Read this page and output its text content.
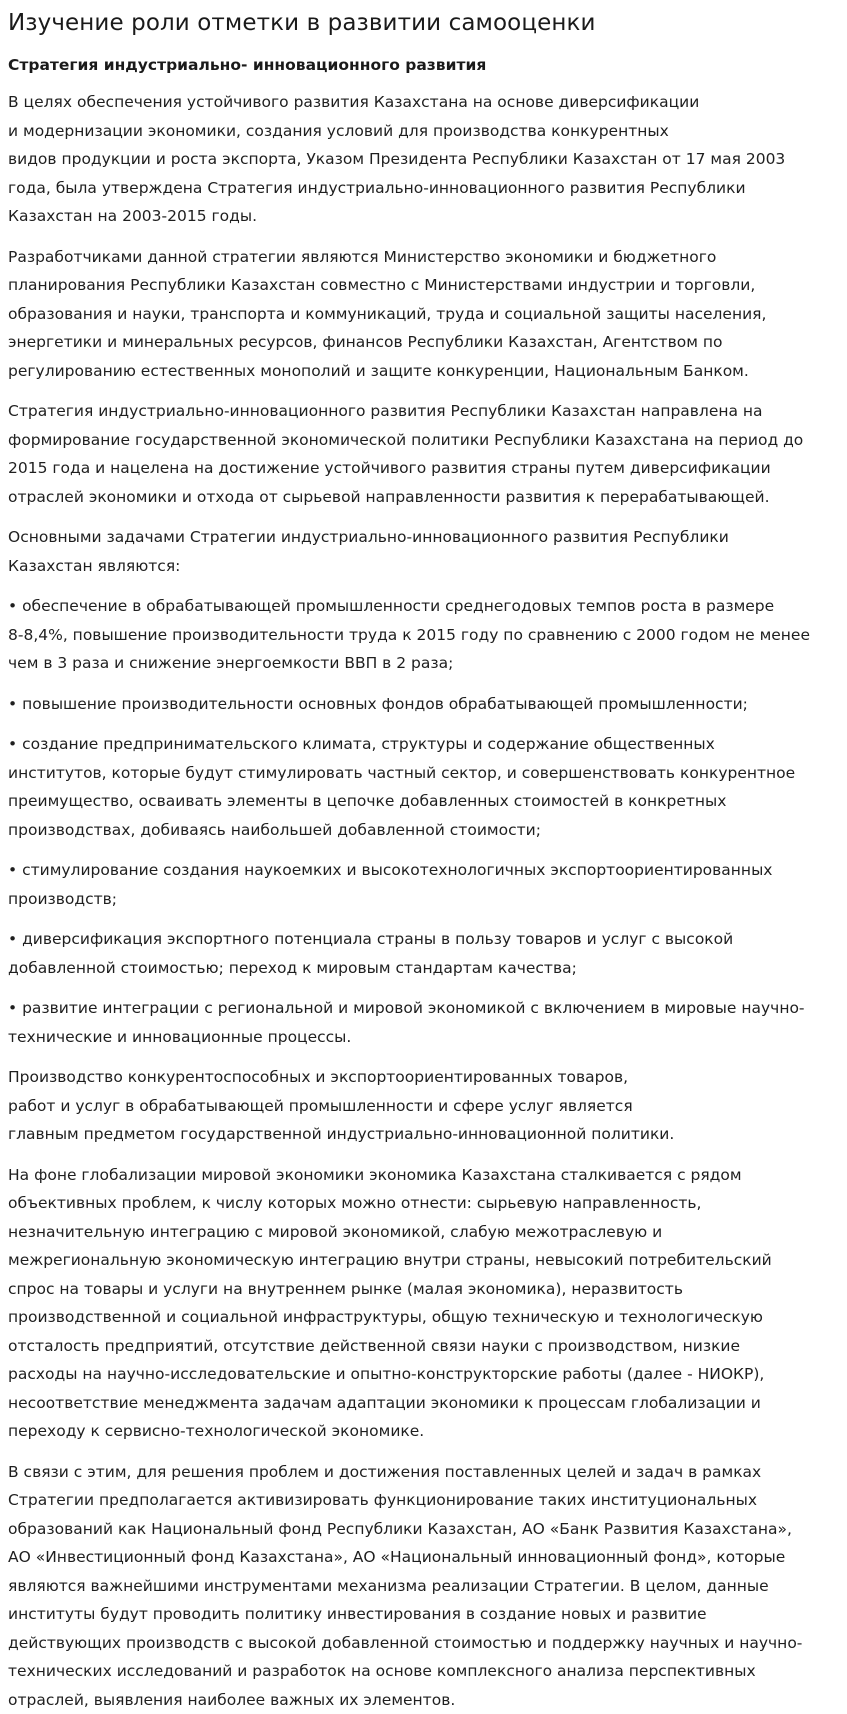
Изучение роли отметки в развитии самооценки
Стратегия индустриально- инновационного развития

В целях обеспечения устойчивого развития Казахстана на основе диверсификации
и модернизации экономики, создания условий для производства конкурентных
видов продукции и роста экспорта, Указом Президента Республики Казахстан от 17 мая 2003
года, была утверждена Стратегия индустриально-инновационного развития Республики
Казахстан на 2003-2015 годы.

Разработчиками данной стратегии являются Министерство экономики и бюджетного
планирования Республики Казахстан совместно с Министерствами индустрии и торговли,
образования и науки, транспорта и коммуникаций, труда и социальной защиты населения,
энергетики и минеральных ресурсов, финансов Республики Казахстан, Агентством по
регулированию естественных монополий и защите конкуренции, Национальным Банком.

Стратегия индустриально-инновационного развития Республики Казахстан направлена на
формирование государственной экономической политики Республики Казахстана на период до
2015 года и нацелена на достижение устойчивого развития страны путем диверсификации
отраслей экономики и отхода от сырьевой направленности развития к перерабатывающей.

Основными задачами Стратегии индустриально-инновационного развития Республики
Казахстан являются:

• обеспечение в обрабатывающей промышленности среднегодовых темпов роста в размере
8-8,4%, повышение производительности труда к 2015 году по сравнению с 2000 годом не менее
чем в 3 раза и снижение энергоемкости ВВП в 2 раза;

• повышение производительности основных фондов обрабатывающей промышленности;

• создание предпринимательского климата, структуры и содержание общественных
институтов, которые будут стимулировать частный сектор, и совершенствовать конкурентное
преимущество, осваивать элементы в цепочке добавленных стоимостей в конкретных
производствах, добиваясь наибольшей добавленной стоимости;

• стимулирование создания наукоемких и высокотехнологичных экспортоориентированных
производств;

• диверсификация экспортного потенциала страны в пользу товаров и услуг с высокой
добавленной стоимостью; переход к мировым стандартам качества;

• развитие интеграции с региональной и мировой экономикой с включением в мировые научно-
технические и инновационные процессы.

Производство конкурентоспособных и экспортоориентированных товаров,
работ и услуг в обрабатывающей промышленности и сфере услуг является
главным предметом государственной индустриально-инновационной политики.

На фоне глобализации мировой экономики экономика Казахстана сталкивается с рядом
объективных проблем, к числу которых можно отнести: сырьевую направленность,
незначительную интеграцию с мировой экономикой, слабую межотраслевую и
межрегиональную экономическую интеграцию внутри страны, невысокий потребительский
спрос на товары и услуги на внутреннем рынке (малая экономика), неразвитость
производственной и социальной инфраструктуры, общую техническую и технологическую
отсталость предприятий, отсутствие действенной связи науки с производством, низкие
расходы на научно-исследовательские и опытно-конструкторские работы (далее - НИОКР),
несоответствие менеджмента задачам адаптации экономики к процессам глобализации и
переходу к сервисно-технологической экономике.

В связи с этим, для решения проблем и достижения поставленных целей и задач в рамках
Стратегии предполагается активизировать функционирование таких институциональных
образований как Национальный фонд Республики Казахстан, АО «Банк Развития Казахстана»,
АО «Инвестиционный фонд Казахстана», АО «Национальный инновационный фонд», которые
являются важнейшими инструментами механизма реализации Стратегии. В целом, данные
институты будут проводить политику инвестирования в создание новых и развитие
действующих производств с высокой добавленной стоимостью и поддержку научных и научно-
технических исследований и разработок на основе комплексного анализа перспективных
отраслей, выявления наиболее важных их элементов.
